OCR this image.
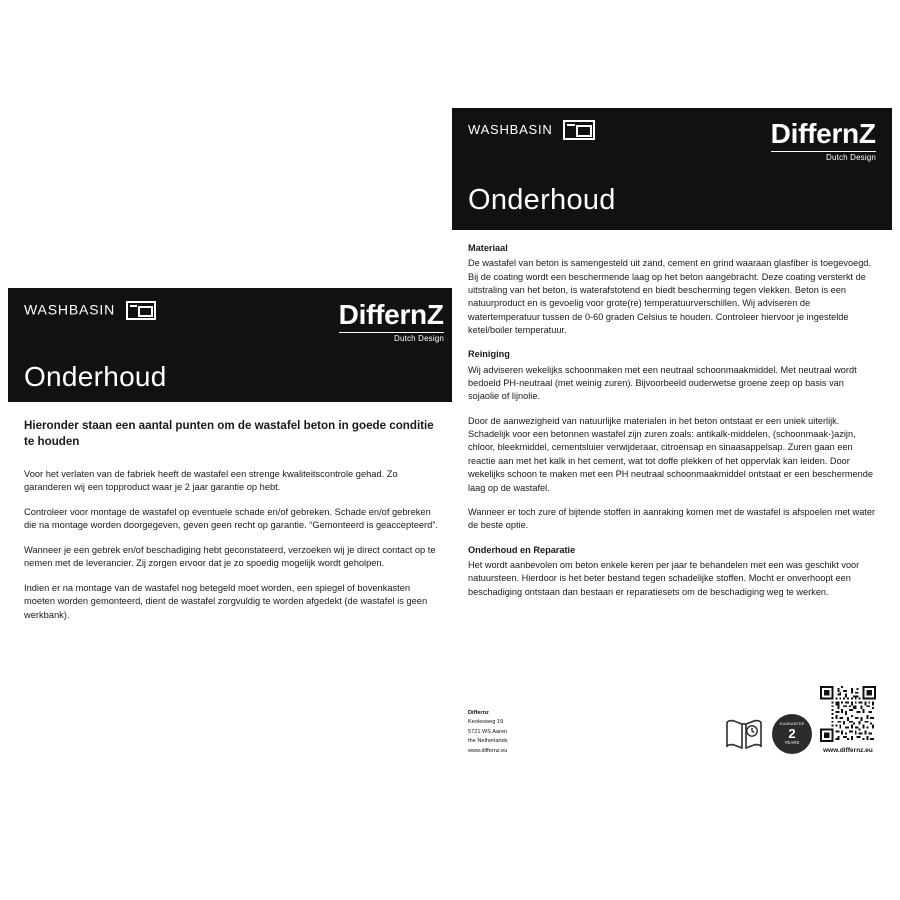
WASHBASIN	DiffernZ
Dutch Design
Onderhoud
Hieronder staan een aantal punten om de wastafel beton in goede conditie te houden

Voor het verlaten van de fabriek heeft de wastafel een strenge kwaliteitscontrole gehad. Zo garanderen wij een topproduct waar je 2 jaar garantie op hebt.

Controleer voor montage de wastafel op eventuele schade en/of gebreken. Schade en/of gebreken die na montage worden doorgegeven, geven geen recht op garantie. “Gemonteerd is geaccepteerd”.

Wanneer je een gebrek en/of beschadiging hebt geconstateerd, verzoeken wij je direct contact op te nemen met de leverancier. Zij zorgen ervoor dat je zo spoedig mogelijk wordt geholpen.

Indien er na montage van de wastafel nog betegeld moet worden, een spiegel of bovenkasten moeten worden gemonteerd, dient de wastafel zorgvuldig te worden afgedekt (de wastafel is geen werkbank).

WASHBASIN	DiffernZ
Dutch Design
Onderhoud
Materiaal

De wastafel van beton is samengesteld uit zand, cement en grind waaraan glasfiber is toegevoegd. Bij de coating wordt een beschermende laag op het beton aangebracht. Deze coating versterkt de uitstraling van het beton, is waterafstotend en biedt bescherming tegen vlekken. Beton is een natuurproduct en is gevoelig voor grote(re) temperatuurverschillen. Wij adviseren de watertemperatuur tussen de 0-60 graden Celsius te houden. Controleer hiervoor je ingestelde ketel/boiler temperatuur.

Reiniging

Wij adviseren wekelijks schoonmaken met een neutraal schoonmaakmiddel. Met neutraal wordt bedoeld PH-neutraal (met weinig zuren). Bijvoorbeeld ouderwetse groene zeep op basis van sojaolie of lijnolie.

Door de aanwezigheid van natuurlijke materialen in het beton ontstaat er een uniek uiterlijk. Schadelijk voor een betonnen wastafel zijn zuren zoals: antikalk-middelen, (schoonmaak-)azijn, chloor, bleekmiddel, cementsluier verwijderaar, citroensap en sinaasappelsap. Zuren gaan een reactie aan met het kalk in het cement, wat tot doffe plekken of het oppervlak kan leiden. Door wekelijks schoon te maken met een PH neutraal schoonmaakmiddel ontstaat er een beschermende laag op de wastafel.

Wanneer er toch zure of bijtende stoffen in aanraking komen met de wastafel is afspoelen met water de beste optie.

Onderhoud en Reparatie

Het wordt aanbevolen om beton enkele keren per jaar te behandelen met een was geschikt voor natuursteen. Hierdoor is het beter bestand tegen schadelijke stoffen. Mocht er onverhoopt een beschadiging ontstaan dan bestaan er reparatiesets om de beschadiging weg te werken.

Differnz
Keolesweg 19
5721 WS Aaren
the Netherlands
www.differnz.eu
GUARANTEE
2
YEARS
www.differnz.eu
